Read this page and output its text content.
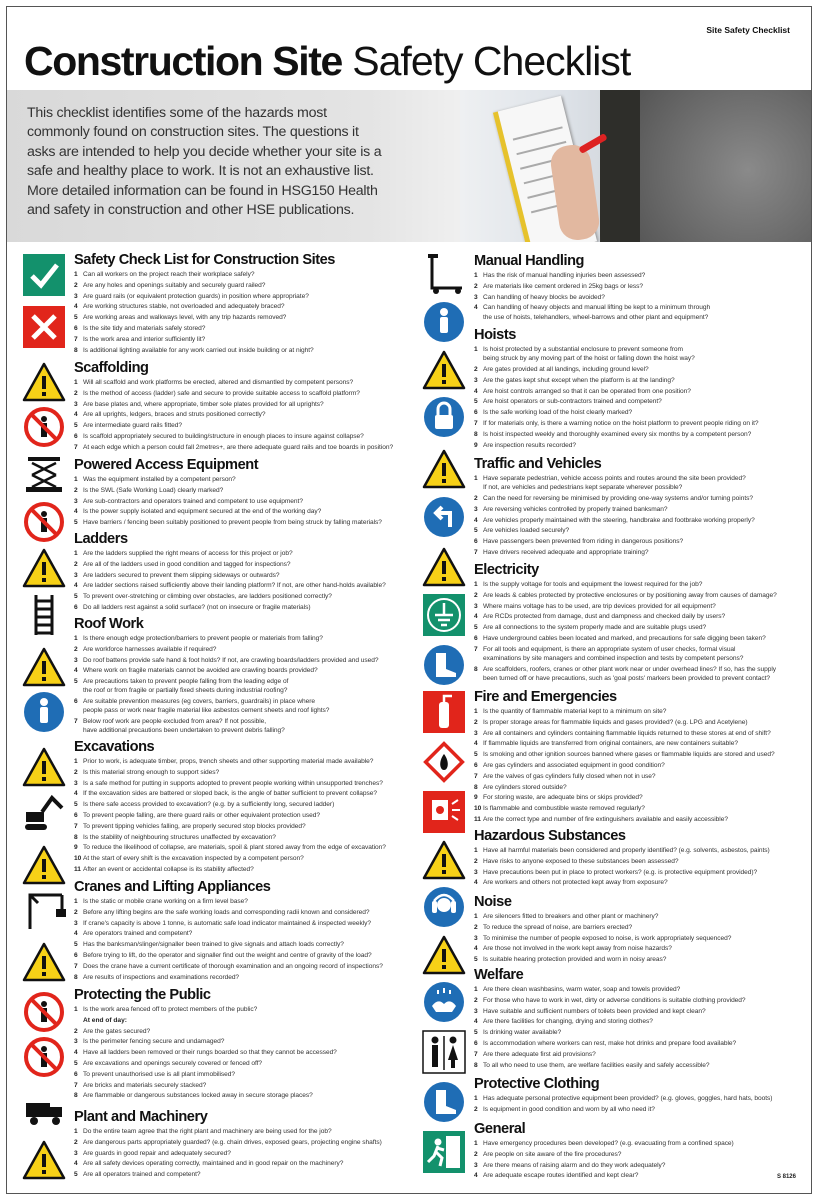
Site Safety Checklist
Construction Site Safety Checklist
This checklist identifies some of the hazards most commonly found on construction sites. The questions it asks are intended to help you decide whether your site is a safe and healthy place to work. It is not an exhaustive list. More detailed information can be found in HSG150 Health and safety in construction and other HSE publications.
Safety Check List for Construction Sites
1 Can all workers on the project reach their workplace safely?
2 Are any holes and openings suitably and securely guard railed?
3 Are guard rails (or equivalent protection guards) in position where appropriate?
4 Are working structures stable, not overloaded and adequately braced?
5 Are working areas and walkways level, with any trip hazards removed?
6 Is the site tidy and materials safely stored?
7 Is the work area and interior sufficiently lit?
8 Is additional lighting available for any work carried out inside building or at night?
Scaffolding
1 Will all scaffold and work platforms be erected, altered and dismantled by competent persons?
2 Is the method of access (ladder) safe and secure to provide suitable access to scaffold platform?
3 Are base plates and, where appropriate, timber sole plates provided for all uprights?
4 Are all uprights, ledgers, braces and struts positioned correctly?
5 Are intermediate guard rails fitted?
6 Is scaffold appropriately secured to building/structure in enough places to insure against collapse?
7 At each edge which a person could fall 2metres+, are there adequate guard rails and toe boards in position?
Powered Access Equipment
1 Was the equipment installed by a competent person?
2 Is the SWL (Safe Working Load) clearly marked?
3 Are sub-contractors and operators trained and competent to use equipment?
4 Is the power supply isolated and equipment secured at the end of the working day?
5 Have barriers / fencing been suitably positioned to prevent people from being struck by falling materials?
Ladders
1 Are the ladders supplied the right means of access for this project or job?
2 Are all of the ladders used in good condition and tagged for inspections?
3 Are ladders secured to prevent them slipping sideways or outwards?
4 Are ladder sections raised sufficiently above their landing platform? If not, are other hand-holds available?
5 To prevent over-stretching or climbing over obstacles, are ladders positioned correctly?
6 Do all ladders rest against a solid surface? (not on insecure or fragile materials)
Roof Work
1 Is there enough edge protection/barriers to prevent people or materials from falling?
2 Are workforce harnesses available if required?
3 Do roof battens provide safe hand & foot holds? If not, are crawling boards/ladders provided and used?
4 Where work on fragile materials cannot be avoided are crawling boards provided?
5 Are precautions taken to prevent people falling from the leading edge of
the roof or from fragile or partially fixed sheets during industrial roofing?
6 Are suitable prevention measures (eg covers, barriers, guardrails) in place where
people pass or work near fragile material like asbestos cement sheets and roof lights?
7 Below roof work are people excluded from area? If not possible,
have additional precautions been undertaken to prevent debris falling?
Excavations
1 Prior to work, is adequate timber, props, trench sheets and other supporting material made available?
2 Is this material strong enough to support sides?
3 Is a safe method for putting in supports adopted to prevent people working within unsupported trenches?
4 If the excavation sides are battered or sloped back, is the angle of batter sufficient to prevent collapse?
5 Is there safe access provided to excavation? (e.g. by a sufficiently long, secured ladder)
6 To prevent people falling, are there guard rails or other equivalent protection used?
7 To prevent tipping vehicles falling, are properly secured stop blocks provided?
8 Is the stability of neighbouring structures unaffected by excavation?
9 To reduce the likelihood of collapse, are materials, spoil & plant stored away from the edge of excavation?
10 At the start of every shift is the excavation inspected by a competent person?
11 After an event or accidental collapse is its stability affected?
Cranes and Lifting Appliances
1 Is the static or mobile crane working on a firm level base?
2 Before any lifting begins are the safe working loads and corresponding radii known and considered?
3 If crane's capacity is above 1 tonne, is automatic safe load indicator maintained & inspected weekly?
4 Are operators trained and competent?
5 Has the banksman/slinger/signaller been trained to give signals and attach loads correctly?
6 Before trying to lift, do the operator and signaller find out the weight and centre of gravity of the load?
7 Does the crane have a current certificate of thorough examination and an ongoing record of inspections?
8 Are results of inspections and examinations recorded?
Protecting the Public
1 Is the work area fenced off to protect members of the public?
At end of day:
2 Are the gates secured?
3 Is the perimeter fencing secure and undamaged?
4 Have all ladders been removed or their rungs boarded so that they cannot be accessed?
5 Are excavations and openings securely covered or fenced off?
6 To prevent unauthorised use is all plant immobilised?
7 Are bricks and materials securely stacked?
8 Are flammable or dangerous substances locked away in secure storage places?
Plant and Machinery
1 Do the entire team agree that the right plant and machinery are being used for the job?
2 Are dangerous parts appropriately guarded? (e.g. chain drives, exposed gears, projecting engine shafts)
3 Are guards in good repair and adequately secured?
4 Are all safety devices operating correctly, maintained and in good repair on the machinery?
5 Are all operators trained and competent?
Manual Handling
1 Has the risk of manual handling injuries been assessed?
2 Are materials like cement ordered in 25kg bags or less?
3 Can handling of heavy blocks be avoided?
4 Can handling of heavy objects and manual lifting be kept to a minimum through
the use of hoists, telehandlers, wheel-barrows and other plant and equipment?
Hoists
1 Is hoist protected by a substantial enclosure to prevent someone from
being struck by any moving part of the hoist or falling down the hoist way?
2 Are gates provided at all landings, including ground level?
3 Are the gates kept shut except when the platform is at the landing?
4 Are hoist controls arranged so that it can be operated from one position?
5 Are hoist operators or sub-contractors trained and competent?
6 Is the safe working load of the hoist clearly marked?
7 If for materials only, is there a warning notice on the hoist platform to prevent people riding on it?
8 Is hoist inspected weekly and thoroughly examined every six months by a competent person?
9 Are inspection results recorded?
Traffic and Vehicles
1 Have separate pedestrian, vehicle access points and routes around the site been provided?
If not, are vehicles and pedestrians kept separate wherever possible?
2 Can the need for reversing be minimised by providing one-way systems and/or turning points?
3 Are reversing vehicles controlled by properly trained banksman?
4 Are vehicles properly maintained with the steering, handbrake and footbrake working properly?
5 Are vehicles loaded securely?
6 Have passengers been prevented from riding in dangerous positions?
7 Have drivers received adequate and appropriate training?
Electricity
1 Is the supply voltage for tools and equipment the lowest required for the job?
2 Are leads & cables protected by protective enclosures or by positioning away from causes of damage?
3 Where mains voltage has to be used, are trip devices provided for all equipment?
4 Are RCDs protected from damage, dust and dampness and checked daily by users?
5 Are all connections to the system properly made and are suitable plugs used?
6 Have underground cables been located and marked, and precautions for safe digging been taken?
7 For all tools and equipment, is there an appropriate system of user checks, formal visual
examinations by site managers and combined inspection and tests by competent persons?
8 Are scaffolders, roofers, cranes or other plant work near or under overhead lines? If so, has the supply
been turned off or have precautions, such as 'goal posts' markers been provided to prevent contact?
Fire and Emergencies
1 Is the quantity of flammable material kept to a minimum on site?
2 Is proper storage areas for flammable liquids and gases provided? (e.g. LPG and Acetylene)
3 Are all containers and cylinders containing flammable liquids returned to these stores at end of shift?
4 If flammable liquids are transferred from original containers, are new containers suitable?
5 Is smoking and other ignition sources banned where gases or flammable liquids are stored and used?
6 Are gas cylinders and associated equipment in good condition?
7 Are the valves of gas cylinders fully closed when not in use?
8 Are cylinders stored outside?
9 For storing waste, are adequate bins or skips provided?
10 Is flammable and combustible waste removed regularly?
11 Are the correct type and number of fire extinguishers available and easily accessible?
Hazardous Substances
1 Have all harmful materials been considered and properly identified? (e.g. solvents, asbestos, paints)
2 Have risks to anyone exposed to these substances been assessed?
3 Have precautions been put in place to protect workers? (e.g. is protective equipment provided)?
4 Are workers and others not protected kept away from exposure?
Noise
1 Are silencers fitted to breakers and other plant or machinery?
2 To reduce the spread of noise, are barriers erected?
3 To minimise the number of people exposed to noise, is work appropriately sequenced?
4 Are those not involved in the work kept away from noise hazards?
5 Is suitable hearing protection provided and worn in noisy areas?
Welfare
1 Are there clean washbasins, warm water, soap and towels provided?
2 For those who have to work in wet, dirty or adverse conditions is suitable clothing provided?
3 Have suitable and sufficient numbers of toilets been provided and kept clean?
4 Are there facilities for changing, drying and storing clothes?
5 Is drinking water available?
6 Is accommodation where workers can rest, make hot drinks and prepare food available?
7 Are there adequate first aid provisions?
8 To all who need to use them, are welfare facilities easily and safely accessible?
Protective Clothing
1 Has adequate personal protective equipment been provided? (e.g. gloves, goggles, hard hats, boots)
2 Is equipment in good condition and worn by all who need it?
General
1 Have emergency procedures been developed? (e.g. evacuating from a confined space)
2 Are people on site aware of the fire procedures?
3 Are there means of raising alarm and do they work adequately?
4 Are adequate escape routes identified and kept clear?	S 8126
